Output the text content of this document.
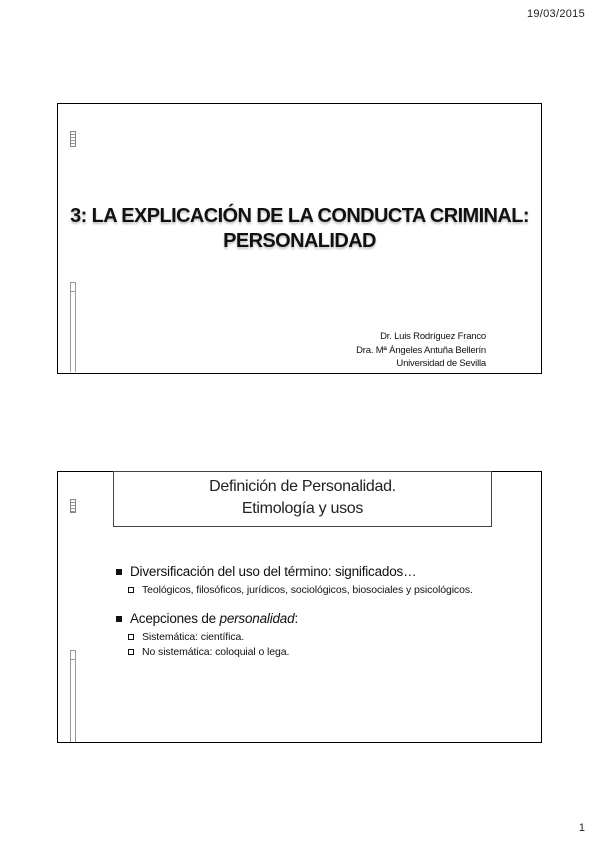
19/03/2015
3: LA EXPLICACIÓN DE LA CONDUCTA CRIMINAL:
PERSONALIDAD
Dr. Luis Rodríguez Franco
Dra. Mª Ángeles Antuña Bellerín
Universidad de Sevilla
Definición de Personalidad.
Etimología y usos
Diversificación del uso del término: significados…
Teológicos, filosóficos, jurídicos, sociológicos, biosociales y psicológicos.
Acepciones de personalidad:
Sistemática: científica.
No sistemática: coloquial o lega.
1
